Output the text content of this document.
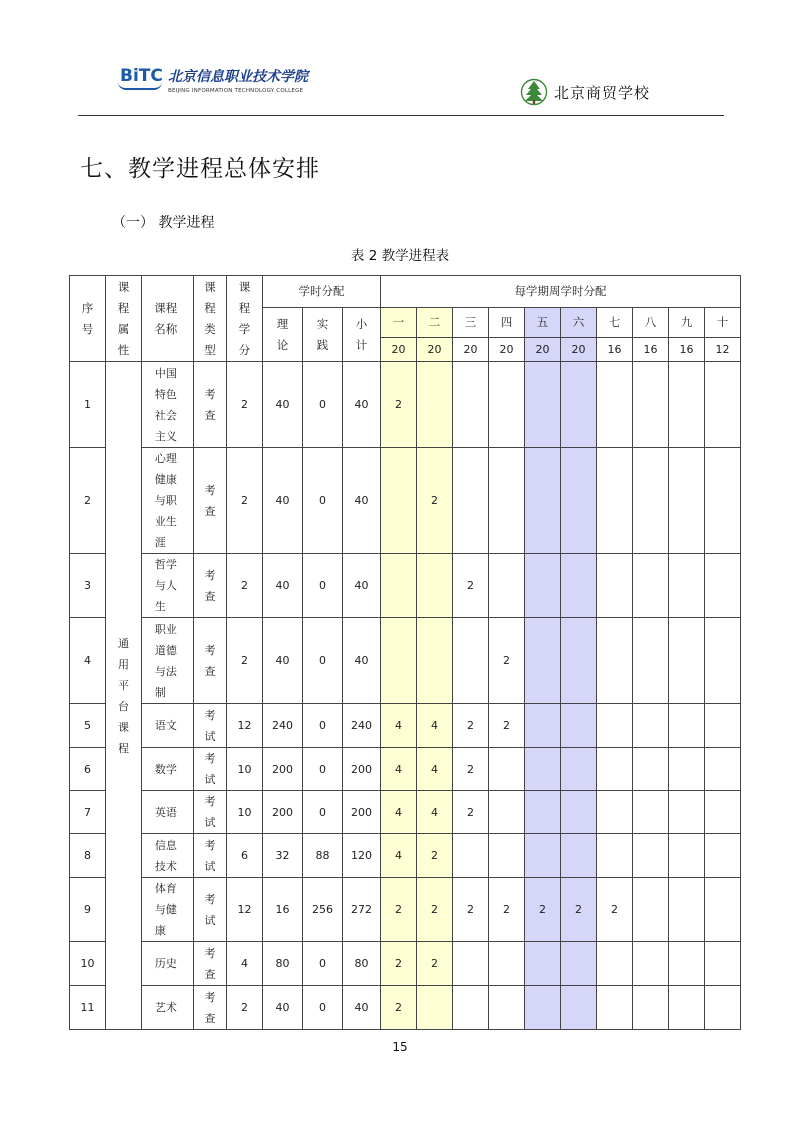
BiTC 北京信息职业技术学院
BEIJING INFORMATION TECHNOLOGY COLLEGE	北京商贸学校
七、教学进程总体安排
（一） 教学进程
表 2 教学进程表
序号	课程属性	课程名称	课程类型	课程学分	学时分配			每学期周学时分配									
					理论	实践	小计	一	二	三	四	五	六	七	八	九	十
								20	20	20	20	20	20	16	16	16	12
1	通用平台课程	中国特色社会主义	考查	2	40	0	40	2									
2		心理健康与职业生涯	考查	2	40	0	40		2								
3		哲学与人生	考查	2	40	0	40			2							
4		职业道德与法制	考查	2	40	0	40				2						
5		语文	考试	12	240	0	240	4	4	2	2						
6		数学	考试	10	200	0	200	4	4	2							
7		英语	考试	10	200	0	200	4	4	2							
8		信息技术	考试	6	32	88	120	4	2								
9		体育与健康	考试	12	16	256	272	2	2	2	2	2	2	2			
10		历史	考查	4	80	0	80	2	2								
11		艺术	考查	2	40	0	40	2									
15
